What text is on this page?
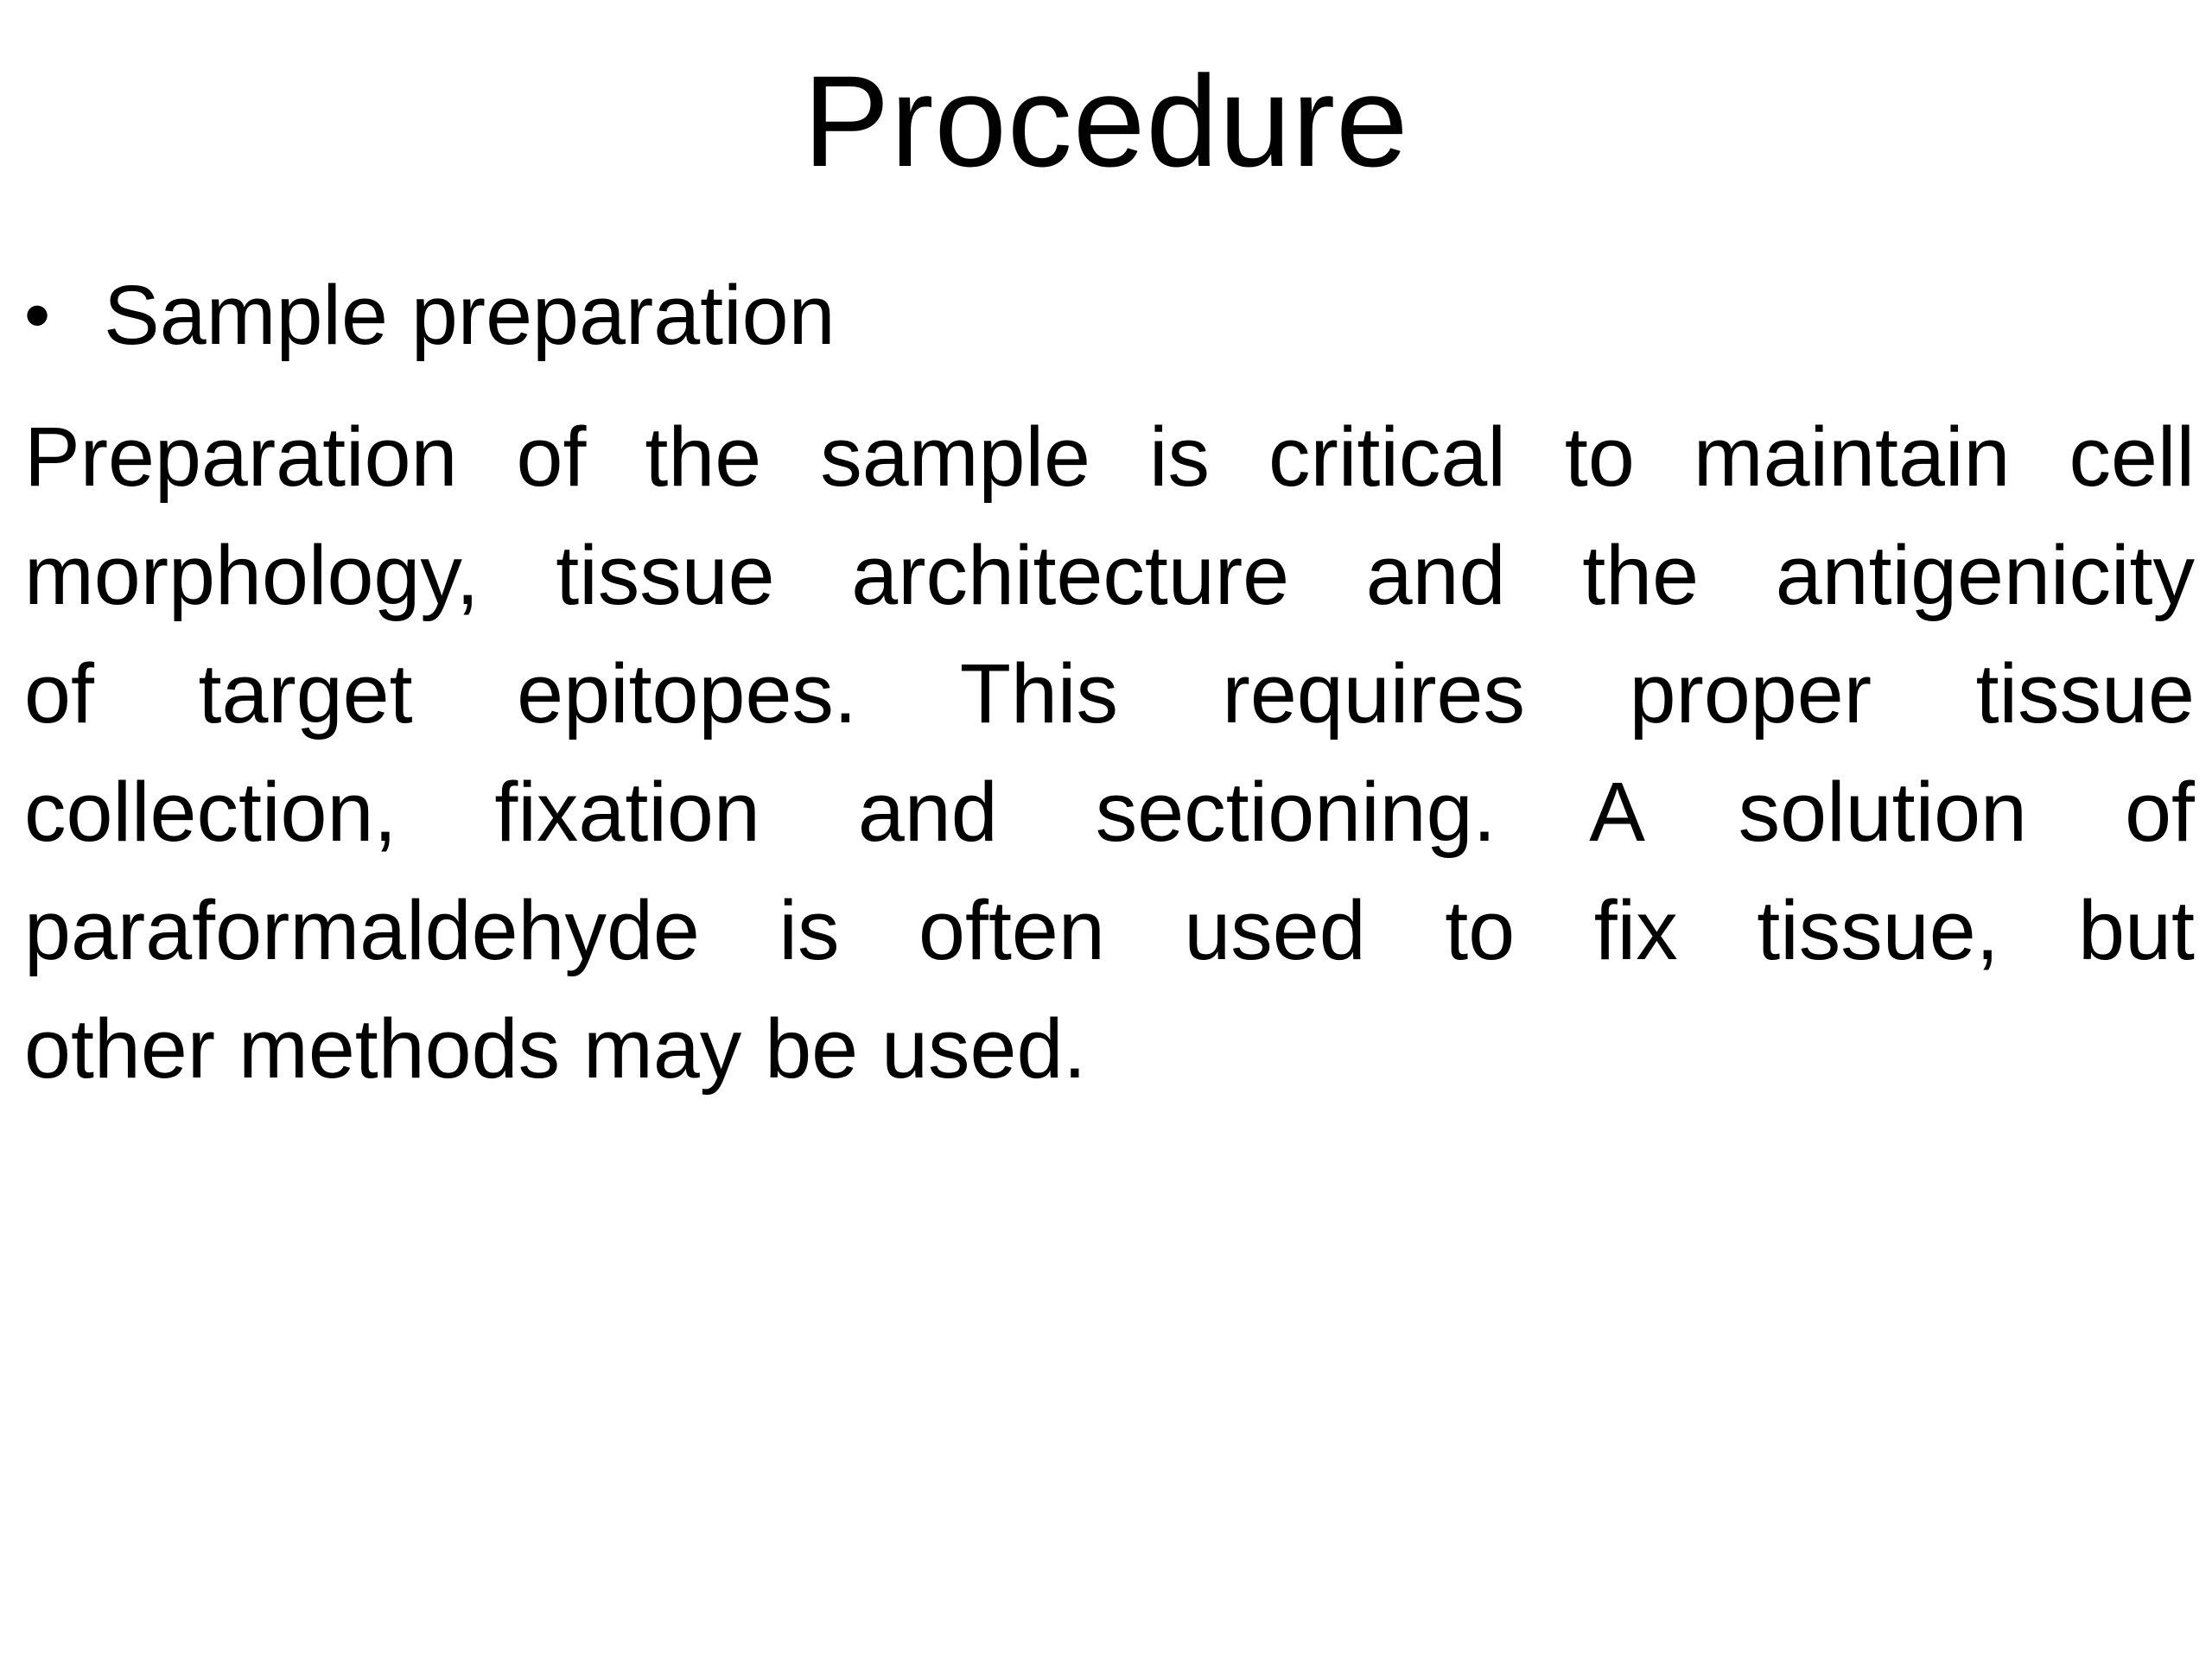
Procedure
• Sample preparation
Preparation of the sample is critical to maintain cell
morphology, tissue architecture and the antigenicity
of target epitopes. This requires proper tissue
collection, fixation and sectioning. A solution of
paraformaldehyde is often used to fix tissue, but
other methods may be used.
